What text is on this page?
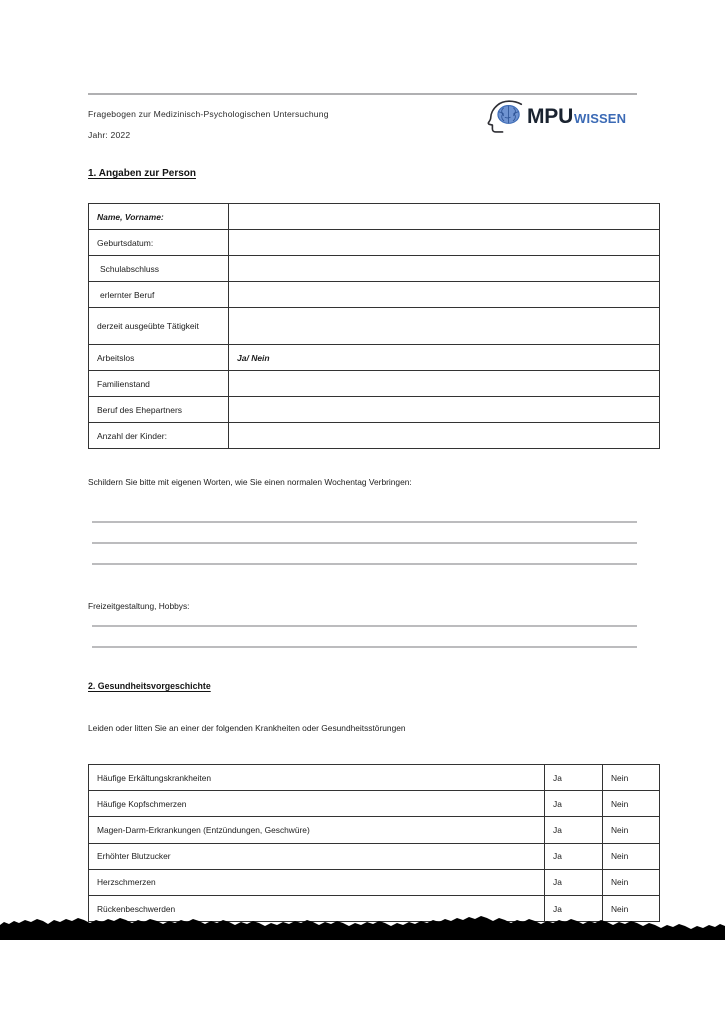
Fragebogen zur Medizinisch-Psychologischen Untersuchung
Jahr: 2022
MPU WISSEN
1. Angaben zur Person
Name, Vorname:	
Geburtsdatum:	
Schulabschluss	
erlernter Beruf	
derzeit ausgeübte Tätigkeit	
Arbeitslos	Ja/ Nein
Familienstand	
Beruf des Ehepartners	
Anzahl der Kinder:	
Schildern Sie bitte mit eigenen Worten, wie Sie einen normalen Wochentag Verbringen:
Freizeitgestaltung, Hobbys:
2. Gesundheitsvorgeschichte
Leiden oder litten Sie an einer der folgenden Krankheiten oder Gesundheitsstörungen
Häufige Erkältungskrankheiten	Ja	Nein
Häufige Kopfschmerzen	Ja	Nein
Magen-Darm-Erkrankungen (Entzündungen, Geschwüre)	Ja	Nein
Erhöhter Blutzucker	Ja	Nein
Herzschmerzen	Ja	Nein
Rückenbeschwerden	Ja	Nein
